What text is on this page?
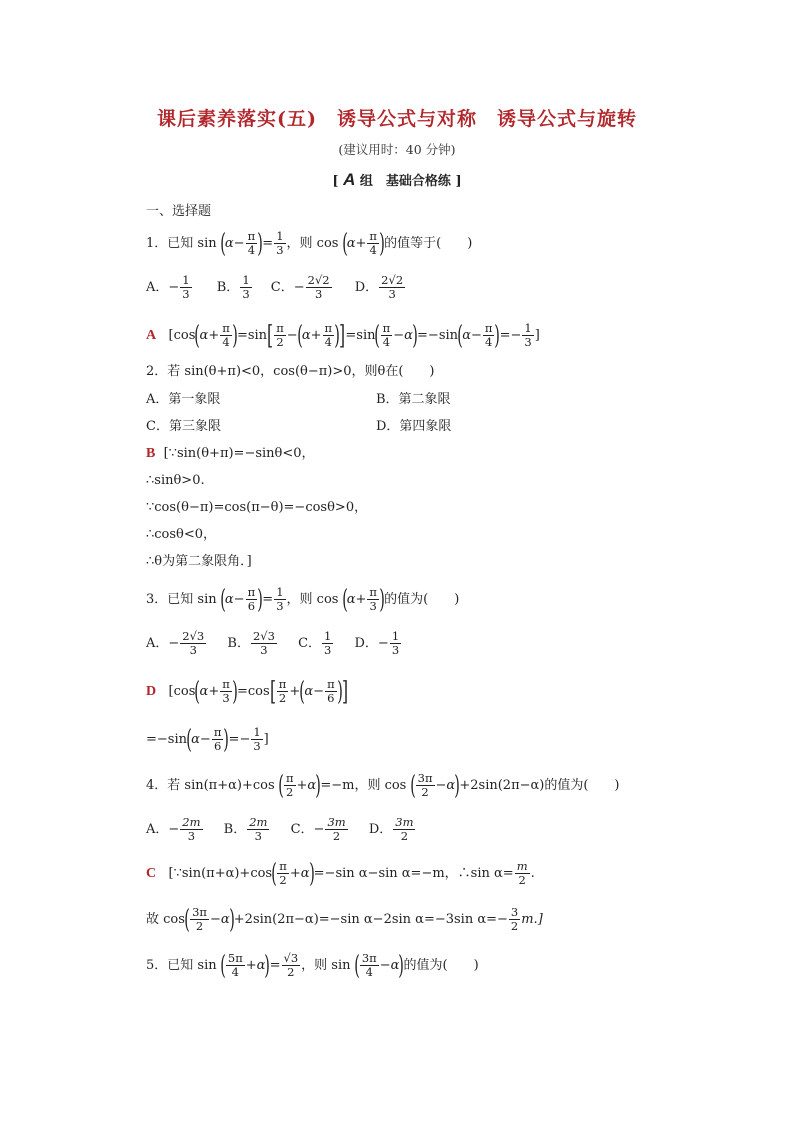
课后素养落实(五)　诱导公式与对称　诱导公式与旋转
(建议用时：40 分钟)
[ A 组　基础合格练 ]
一、选择题
1．已知 $\sin (\alpha- \frac{\pi}{4}$ )= $\frac{1}{3}$ ，则 $\cos (\alpha+ \frac{\pi}{4}$ )的值等于(　　)
A．− $\frac{1}{3}$ B． $\frac{1}{3}$ C．− $\frac{2√2}{3}$ D． $\frac{2√2}{3}$
A [$\cos(\alpha+ \frac{\pi}{4} )=\sin[ \frac{\pi}{2} -(\alpha+ \frac{\pi}{4} )]=\sin( \frac{\pi}{4} -\alpha)=-\sin(\alpha- \frac{\pi}{4}$ )=− $\frac{1}{3}$ ]
2．若 sin(θ+π)<0，cos(θ−π)>0，则θ在(　　)
A．第一象限	B．第二象限
C．第三象限	D．第四象限
B [∵sin(θ+π)=−sinθ<0，
∴sinθ>0.
∵cos(θ−π)=cos(π−θ)=−cosθ>0，
∴cosθ<0，
∴θ为第二象限角．]
3．已知 $\sin (\alpha- \frac{\pi}{6}$ )= $\frac{1}{3}$ ，则 $\cos (\alpha+ \frac{\pi}{3}$ )的值为(　　)
A．− $\frac{2√3}{3}$ B． $\frac{2√3}{3}$ C． $\frac{1}{3}$ D．− $\frac{1}{3}$
D [$\cos(\alpha+ \frac{\pi}{3} )=\cos[ \frac{\pi}{2} +(\alpha- \frac{\pi}{6}$ )]
$=-\sin(\alpha- \frac{\pi}{6}$ )=− $\frac{1}{3}$ ]
4．若 sin(π+α)+cos ( $\frac{\pi}{2} +\alpha)=-m$，则 cos ( $\frac{3\pi}{2} -\alpha)+2\sin(2\pi-\alpha)$的值为(　　)
A．− $\frac{2m}{3}$ B． $\frac{2m}{3}$ C．− $\frac{3m}{2}$ D． $\frac{3m}{2}$
C [∵sin(π+α)+cos( $\frac{\pi}{2} +\alpha)=-\sin$ α−sin α=−m，∴sin $\alpha= \frac{m}{2}$ .
故 $\cos( \frac{3\pi}{2} -\alpha)+2\sin(2\pi-\alpha)=-\sin$ α−2sin α=−3sin $\alpha=- \frac{3}{2} m$.]
5．已知 sin ( $\frac{5\pi}{4} +\alpha)= \frac{√3}{2}$ ，则 sin ( $\frac{3\pi}{4} -\alpha$)的值为(　　)
